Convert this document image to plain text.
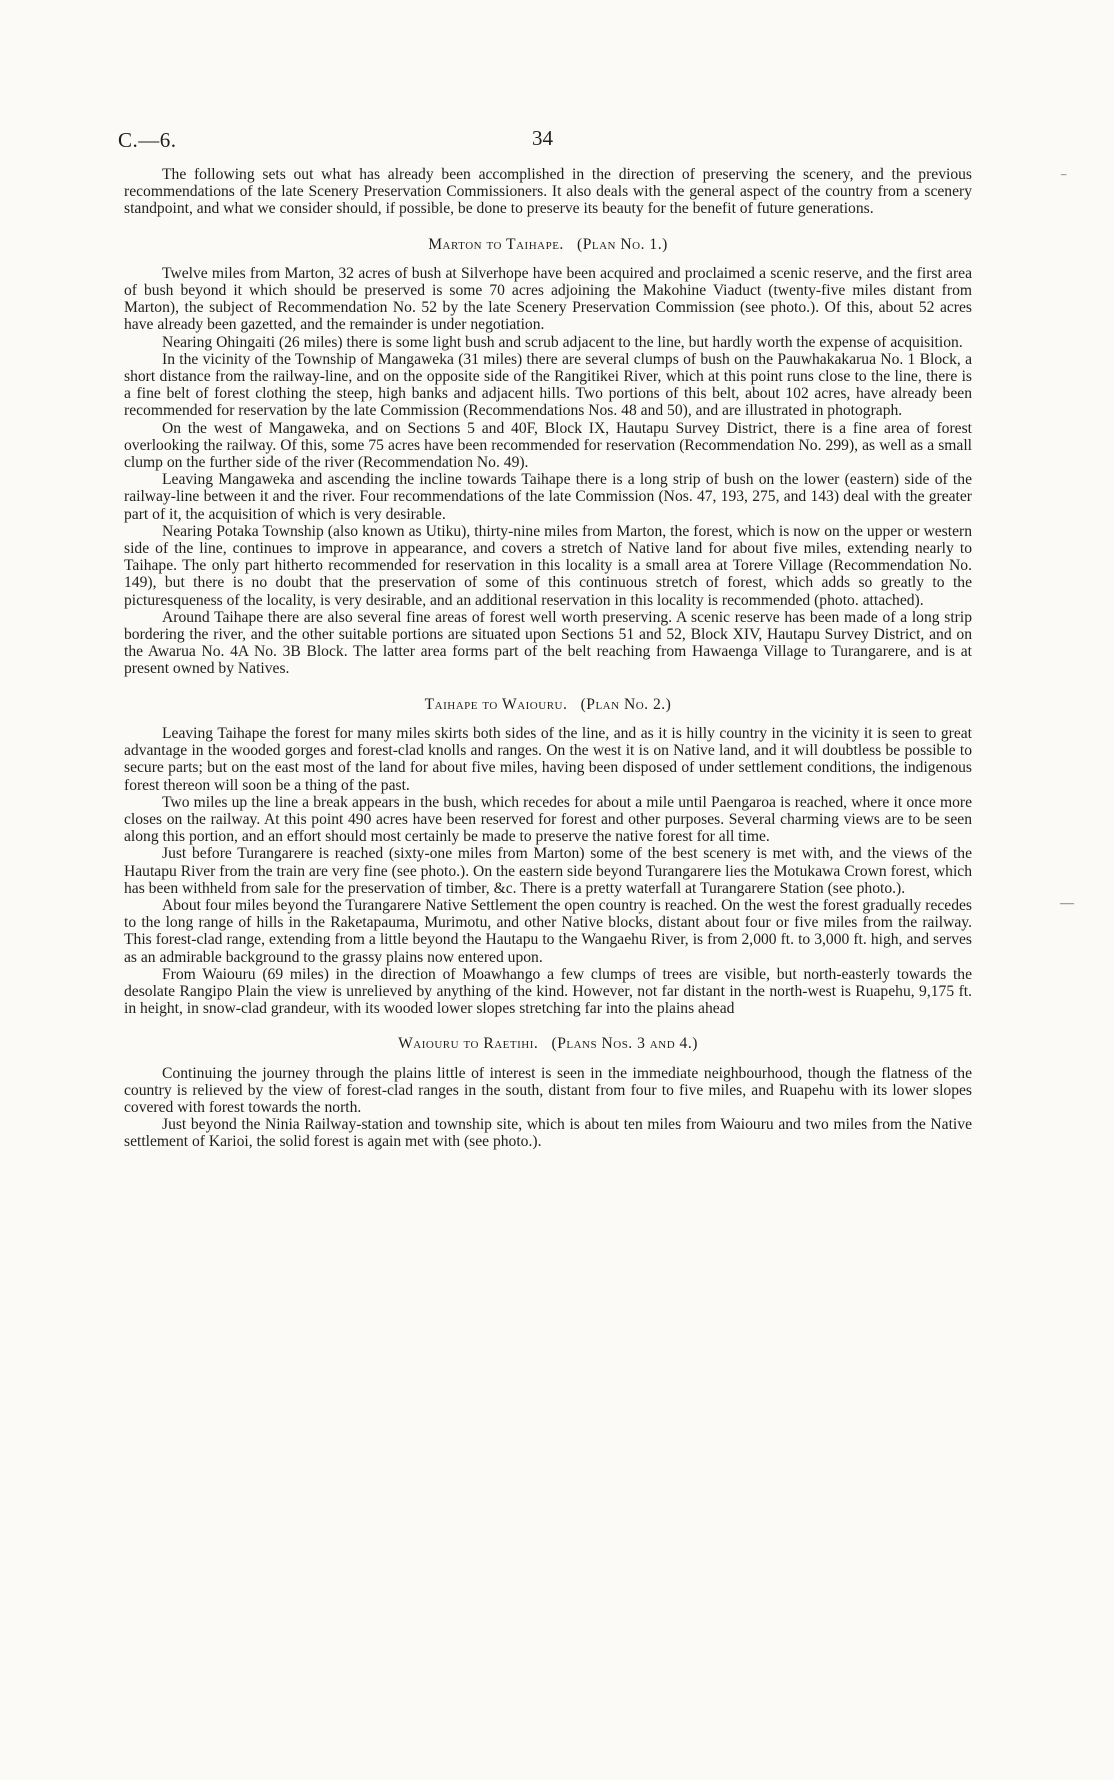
C.—6.	34
⁻
—

The following sets out what has already been accomplished in the direction of preserving the scenery, and the previous recommendations of the late Scenery Preservation Commissioners. It also deals with the general aspect of the country from a scenery standpoint, and what we consider should, if possible, be done to preserve its beauty for the benefit of future generations.

Marton to Taihape. (Plan No. 1.)

Twelve miles from Marton, 32 acres of bush at Silverhope have been acquired and proclaimed a scenic reserve, and the first area of bush beyond it which should be preserved is some 70 acres adjoining the Makohine Viaduct (twenty-five miles distant from Marton), the subject of Recommendation No. 52 by the late Scenery Preservation Commission (see photo.). Of this, about 52 acres have already been gazetted, and the remainder is under negotiation.

Nearing Ohingaiti (26 miles) there is some light bush and scrub adjacent to the line, but hardly worth the expense of acquisition.

In the vicinity of the Township of Mangaweka (31 miles) there are several clumps of bush on the Pauwhakakarua No. 1 Block, a short distance from the railway-line, and on the opposite side of the Rangitikei River, which at this point runs close to the line, there is a fine belt of forest clothing the steep, high banks and adjacent hills. Two portions of this belt, about 102 acres, have already been recommended for reservation by the late Commission (Recommendations Nos. 48 and 50), and are illustrated in photograph.

On the west of Mangaweka, and on Sections 5 and 40F, Block IX, Hautapu Survey District, there is a fine area of forest overlooking the railway. Of this, some 75 acres have been recommended for reservation (Recommendation No. 299), as well as a small clump on the further side of the river (Recommendation No. 49).

Leaving Mangaweka and ascending the incline towards Taihape there is a long strip of bush on the lower (eastern) side of the railway-line between it and the river. Four recommendations of the late Commission (Nos. 47, 193, 275, and 143) deal with the greater part of it, the acquisition of which is very desirable.

Nearing Potaka Township (also known as Utiku), thirty-nine miles from Marton, the forest, which is now on the upper or western side of the line, continues to improve in appearance, and covers a stretch of Native land for about five miles, extending nearly to Taihape. The only part hitherto recommended for reservation in this locality is a small area at Torere Village (Recommendation No. 149), but there is no doubt that the preservation of some of this continuous stretch of forest, which adds so greatly to the picturesqueness of the locality, is very desirable, and an additional reservation in this locality is recommended (photo. attached).

Around Taihape there are also several fine areas of forest well worth preserving. A scenic reserve has been made of a long strip bordering the river, and the other suitable portions are situated upon Sections 51 and 52, Block XIV, Hautapu Survey District, and on the Awarua No. 4A No. 3B Block. The latter area forms part of the belt reaching from Hawaenga Village to Turangarere, and is at present owned by Natives.

Taihape to Waiouru. (Plan No. 2.)

Leaving Taihape the forest for many miles skirts both sides of the line, and as it is hilly country in the vicinity it is seen to great advantage in the wooded gorges and forest-clad knolls and ranges. On the west it is on Native land, and it will doubtless be possible to secure parts; but on the east most of the land for about five miles, having been disposed of under settlement conditions, the indigenous forest thereon will soon be a thing of the past.

Two miles up the line a break appears in the bush, which recedes for about a mile until Paengaroa is reached, where it once more closes on the railway. At this point 490 acres have been reserved for forest and other purposes. Several charming views are to be seen along this portion, and an effort should most certainly be made to preserve the native forest for all time.

Just before Turangarere is reached (sixty-one miles from Marton) some of the best scenery is met with, and the views of the Hautapu River from the train are very fine (see photo.). On the eastern side beyond Turangarere lies the Motukawa Crown forest, which has been withheld from sale for the preservation of timber, &c. There is a pretty waterfall at Turangarere Station (see photo.).

About four miles beyond the Turangarere Native Settlement the open country is reached. On the west the forest gradually recedes to the long range of hills in the Raketapauma, Murimotu, and other Native blocks, distant about four or five miles from the railway. This forest-clad range, extending from a little beyond the Hautapu to the Wangaehu River, is from 2,000 ft. to 3,000 ft. high, and serves as an admirable background to the grassy plains now entered upon.

From Waiouru (69 miles) in the direction of Moawhango a few clumps of trees are visible, but north-easterly towards the desolate Rangipo Plain the view is unrelieved by anything of the kind. However, not far distant in the north-west is Ruapehu, 9,175 ft. in height, in snow-clad grandeur, with its wooded lower slopes stretching far into the plains ahead

Waiouru to Raetihi. (Plans Nos. 3 and 4.)

Continuing the journey through the plains little of interest is seen in the immediate neighbourhood, though the flatness of the country is relieved by the view of forest-clad ranges in the south, distant from four to five miles, and Ruapehu with its lower slopes covered with forest towards the north.

Just beyond the Ninia Railway-station and township site, which is about ten miles from Waiouru and two miles from the Native settlement of Karioi, the solid forest is again met with (see photo.).
